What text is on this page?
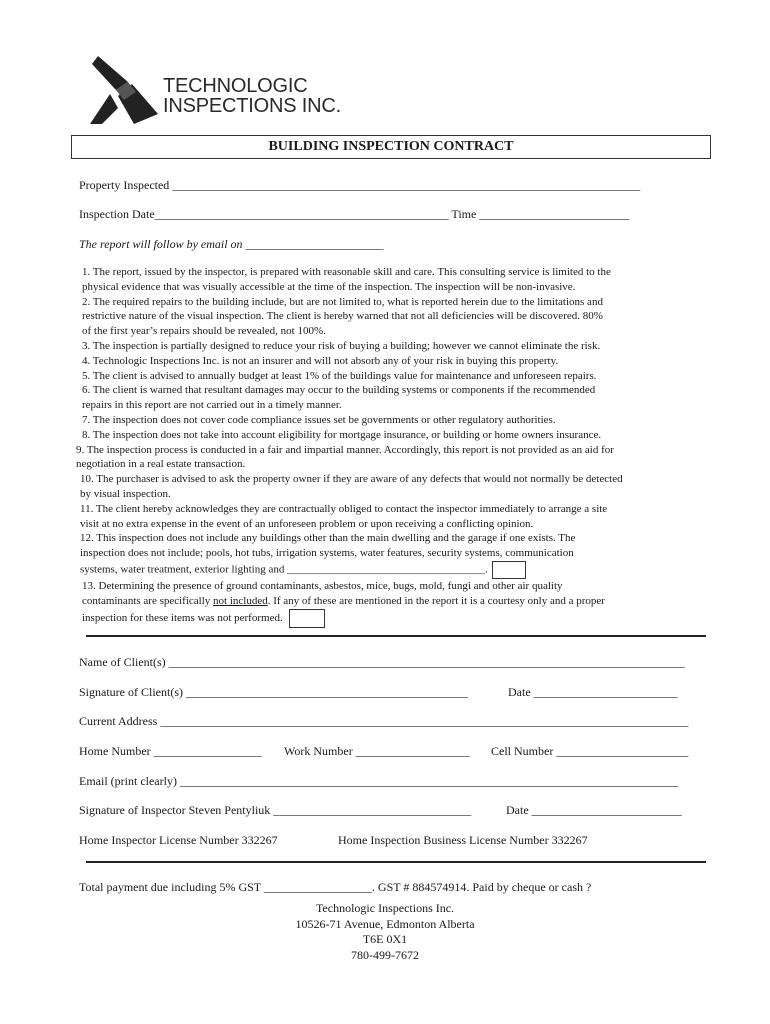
TECHNOLOGIC
INSPECTIONS INC.
BUILDING INSPECTION CONTRACT
Property Inspected ______________________________________________________________________________
Inspection Date_________________________________________________ Time _________________________
The report will follow by email on _______________________
1. The report, issued by the inspector, is prepared with reasonable skill and care. This consulting service is limited to the
physical evidence that was visually accessible at the time of the inspection. The inspection will be non-invasive.
2. The required repairs to the building include, but are not limited to, what is reported herein due to the limitations and
restrictive nature of the visual inspection. The client is hereby warned that not all deficiencies will be discovered. 80%
of the first year’s repairs should be revealed, not 100%.
3. The inspection is partially designed to reduce your risk of buying a building; however we cannot eliminate the risk.
4. Technologic Inspections Inc. is not an insurer and will not absorb any of your risk in buying this property.
5. The client is advised to annually budget at least 1% of the buildings value for maintenance and unforeseen repairs.
6. The client is warned that resultant damages may occur to the building systems or components if the recommended
repairs in this report are not carried out in a timely manner.
7. The inspection does not cover code compliance issues set be governments or other regulatory authorities.
8. The inspection does not take into account eligibility for mortgage insurance, or building or home owners insurance.
9. The inspection process is conducted in a fair and impartial manner. Accordingly, this report is not provided as an aid for
negotiation in a real estate transaction.
10. The purchaser is advised to ask the property owner if they are aware of any defects that would not normally be detected
by visual inspection.
11. The client hereby acknowledges they are contractually obliged to contact the inspector immediately to arrange a site
visit at no extra expense in the event of an unforeseen problem or upon receiving a conflicting opinion.
12. This inspection does not include any buildings other than the main dwelling and the garage if one exists. The
inspection does not include; pools, hot tubs, irrigation systems, water features, security systems, communication
systems, water treatment, exterior lighting and ____________________________________.
13. Determining the presence of ground contaminants, asbestos, mice, bugs, mold, fungi and other air quality
contaminants are specifically not included. If any of these are mentioned in the report it is a courtesy only and a proper
inspection for these items was not performed.
Name of Client(s) ______________________________________________________________________________________
Signature of Client(s) _______________________________________________	Date ________________________
Current Address ________________________________________________________________________________________
Home Number __________________ Work Number ___________________ Cell Number ______________________
Email (print clearly) ___________________________________________________________________________________
Signature of Inspector Steven Pentyliuk _________________________________	Date _________________________
Home Inspector License Number 332267	Home Inspection Business License Number 332267
Total payment due including 5% GST __________________. GST # 884574914. Paid by cheque or cash ?
Technologic Inspections Inc.
10526-71 Avenue, Edmonton Alberta
T6E 0X1
780-499-7672
